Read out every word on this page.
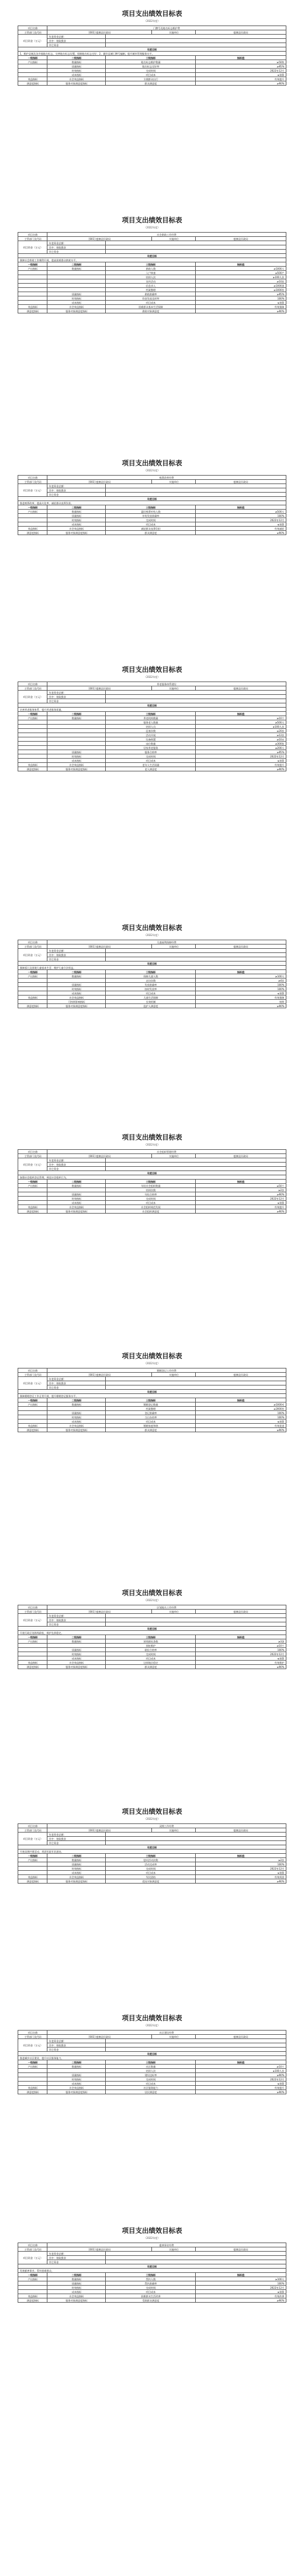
项目支出绩效目标表
（2022年度）
项目名称	门牌号及地名标志维护费			
主管部门及代码	[001] 鹿寨县民政局		实施单位	鹿寨县民政局
项目资金（万元）	年度资金总额：			
	其中：财政拨款			
	其它资金			
年度目标				
1、维护县城及各乡镇地名标志，完善地名标志设置，保障地名标志完好；2、做好县城门牌号编制，提升城市管理服务水平。				
一级指标	二级指标	三级指标		指标值
产出指标	数量指标	地名标志维护数量		≥50块
	质量指标	地名标志完好率		≥95%
	时效指标	完成时间		2022年12月
	成本指标	项目成本		≤预算
效益指标	社会效益指标	方便群众出行		有效提升
满意度指标	服务对象满意度指标	群众满意度		≥90%
项目支出绩效目标表
（2022年度）
项目名称	社会救助工作经费			
主管部门及代码	[001] 鹿寨县民政局		实施单位	鹿寨县民政局
项目资金（万元）	年度资金总额：			
	其中：财政拨款			
	其它资金			
年度目标				
保障社会救助工作顺利开展，提高困难群众救助水平。				
一级指标	二级指标	三级指标		指标值
产出指标	数量指标	救助人数		≥1000人
		入户核查		≥500户
		培训人次		≥100人次
		宣传活动		≥10次
		信息录入		≥1000条
		档案整理		≥1000份
	质量指标	救助准确率		≥95%
	时效指标	资金发放及时率		100%
	成本指标	项目成本		≤预算
效益指标	社会效益指标	困难群众基本生活保障		有效保障
满意度指标	服务对象满意度指标	救助对象满意度		≥90%
项目支出绩效目标表
（2022年度）
项目名称	殡葬改革经费			
主管部门及代码	[001] 鹿寨县民政局		实施单位	鹿寨县民政局
项目资金（万元）	年度资金总额：			
	其中：财政拨款			
	其它资金			
年度目标				
推进殡葬改革，提高火化率，减轻群众丧葬负担。				
一级指标	二级指标	三级指标		指标值
产出指标	数量指标	惠民殡葬补贴人数		≥500人
	质量指标	补贴发放准确率		100%
	时效指标	完成时间		2022年12月
	成本指标	项目成本		≤预算
效益指标	社会效益指标	减轻群众丧葬负担		有效减轻
满意度指标	服务对象满意度指标	群众满意度		≥90%
项目支出绩效目标表
（2022年度）
项目名称	养老服务体系建设			
主管部门及代码	[001] 鹿寨县民政局		实施单位	鹿寨县民政局
项目资金（万元）	年度资金总额：			
	其中：财政拨款			
	其它资金			
年度目标				
完善养老服务体系，提升养老服务质量。				
一级指标	二级指标	三级指标		指标值
产出指标	数量指标	养老机构数量		≥10个
		服务老人数量		≥500人
		培训人员		≥100人次
		巡查次数		≥20次
		活动开展		≥12次
		设备购置		≥10台
		床位数量		≥300张
		居家养老服务		≥200人
	质量指标	服务合格率		≥95%
	时效指标	完成时间		2022年12月
	成本指标	项目成本		≤预算
效益指标	社会效益指标	老年人生活质量		有效提升
满意度指标	服务对象满意度指标	老人满意度		≥90%
项目支出绩效目标表
（2022年度）
项目名称	儿童福利保障经费			
主管部门及代码	[001] 鹿寨县民政局		实施单位	鹿寨县民政局
项目资金（万元）	年度资金总额：			
	其中：财政拨款			
	其它资金			
年度目标				
保障孤儿及困境儿童基本生活，维护儿童合法权益。				
一级指标	二级指标	三级指标		指标值
产出指标	数量指标	保障儿童人数		≥100人
		走访次数		≥4次
	质量指标	发放准确率		100%
	时效指标	按时发放率		100%
	成本指标	项目成本		≤预算
效益指标	社会效益指标	儿童生活保障		有效保障
	可持续影响指标	长效机制		持续
满意度指标	服务对象满意度指标	监护人满意度		≥90%
项目支出绩效目标表
（2022年度）
项目名称	社会组织管理经费			
主管部门及代码	[001] 鹿寨县民政局		实施单位	鹿寨县民政局
项目资金（万元）	年度资金总额：			
	其中：财政拨款			
	其它资金			
年度目标				
加强社会组织登记管理，规范社会组织行为。				
一级指标	二级指标	三级指标		指标值
产出指标	数量指标	年检社会组织数量		≥50个
		培训次数		≥2次
	质量指标	年检合格率		≥90%
	时效指标	完成时间		2022年12月
	成本指标	项目成本		≤预算
效益指标	社会效益指标	社会组织规范发展		有效提升
满意度指标	服务对象满意度指标	社会组织满意度		≥90%
项目支出绩效目标表
（2022年度）
项目名称	婚姻登记工作经费			
主管部门及代码	[001] 鹿寨县民政局		实施单位	鹿寨县民政局
项目资金（万元）	年度资金总额：			
	其中：财政拨款			
	其它资金			
年度目标				
保障婚姻登记工作正常开展，提升婚姻登记服务水平。				
一级指标	二级指标	三级指标		指标值
产出指标	数量指标	婚姻登记数量		≥1000对
		档案整理		≥2000份
	质量指标	登记准确率		100%
	时效指标	当日办结率		100%
	成本指标	项目成本		≤预算
效益指标	社会效益指标	婚姻家庭和谐		有效促进
满意度指标	服务对象满意度指标	群众满意度		≥90%
项目支出绩效目标表
（2022年度）
项目名称	区划地名工作经费			
主管部门及代码	[001] 鹿寨县民政局		实施单位	鹿寨县民政局
项目资金（万元）	年度资金总额：			
	其中：财政拨款			
	其它资金			
年度目标				
开展行政区划界线联检，维护边界稳定。				
一级指标	二级指标	三级指标		指标值
产出指标	数量指标	界线联检条数		≥3条
		界桩维护		≥10个
	质量指标	联检合格率		100%
	时效指标	完成时间		2022年12月
	成本指标	项目成本		≤预算
效益指标	社会效益指标	边界地区稳定		有效维护
满意度指标	服务对象满意度指标	群众满意度		≥90%
项目支出绩效目标表
（2022年度）
项目名称	双拥工作经费			
主管部门及代码	[001] 鹿寨县民政局		实施单位	鹿寨县民政局
项目资金（万元）	年度资金总额：			
	其中：财政拨款			
	其它资金			
年度目标				
开展双拥共建活动，巩固军政军民团结。				
一级指标	二级指标	三级指标		指标值
产出指标	数量指标	慰问活动次数		≥2次
	质量指标	活动完成率		100%
	时效指标	完成时间		2022年12月
	成本指标	项目成本		≤预算
效益指标	社会效益指标	军民团结		有效巩固
满意度指标	服务对象满意度指标	优抚对象满意度		≥90%
项目支出绩效目标表
（2022年度）
项目名称	社区建设经费			
主管部门及代码	[001] 鹿寨县民政局		实施单位	鹿寨县民政局
项目资金（万元）	年度资金总额：			
	其中：财政拨款			
	其它资金			
年度目标				
推进城乡社区建设，提升社区服务能力。				
一级指标	二级指标	三级指标		指标值
产出指标	数量指标	社区数量		≥10个
		培训人次		≥100人次
	质量指标	建设达标率		≥90%
	时效指标	完成时间		2022年12月
	成本指标	项目成本		≤预算
效益指标	社会效益指标	社区服务能力		有效提升
满意度指标	服务对象满意度指标	居民满意度		≥90%
项目支出绩效目标表
（2022年度）
项目名称	慈善事业经费			
主管部门及代码	[001] 鹿寨县民政局		实施单位	鹿寨县民政局
项目资金（万元）	年度资金总额：			
	其中：财政拨款			
	其它资金			
年度目标				
发展慈善事业，帮扶困难群众。				
一级指标	二级指标	三级指标		指标值
产出指标	数量指标	帮扶人数		≥100人
	质量指标	帮扶准确率		100%
	时效指标	完成时间		2022年12月
	成本指标	项目成本		≤预算
效益指标	社会效益指标	困难群众生活改善		有效改善
满意度指标	服务对象满意度指标	受助群众满意度		≥90%
